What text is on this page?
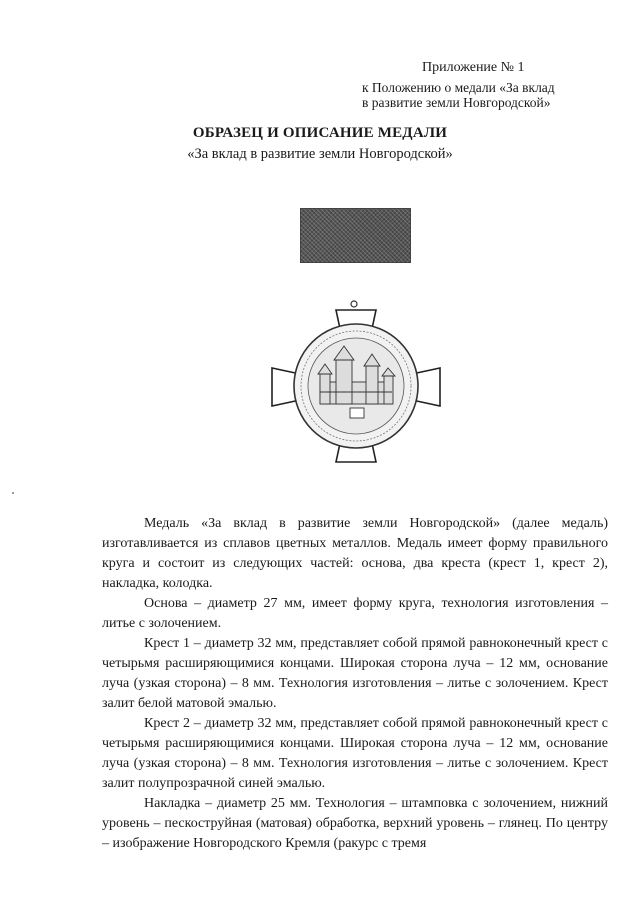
Приложение № 1
к Положению о медали «За вклад
в развитие земли Новгородской»
ОБРАЗЕЦ И ОПИСАНИЕ МЕДАЛИ
«За вклад в развитие земли Новгородской»

Медаль «За вклад в развитие земли Новгородской» (далее медаль) изготавливается из сплавов цветных металлов. Медаль имеет форму правильного круга и состоит из следующих частей: основа, два креста (крест 1, крест 2), накладка, колодка.

Основа – диаметр 27 мм, имеет форму круга, технология изготовления – литье с золочением.

Крест 1 – диаметр 32 мм, представляет собой прямой равноконечный крест с четырьмя расширяющимися концами. Широкая сторона луча – 12 мм, основание луча (узкая сторона) – 8 мм. Технология изготовления – литье с золочением. Крест залит белой матовой эмалью.

Крест 2 – диаметр 32 мм, представляет собой прямой равноконечный крест с четырьмя расширяющимися концами. Широкая сторона луча – 12 мм, основание луча (узкая сторона) – 8 мм. Технология изготовления – литье с золочением. Крест залит полупрозрачной синей эмалью.

Накладка – диаметр 25 мм. Технология – штамповка с золочением, нижний уровень – пескоструйная (матовая) обработка, верхний уровень – глянец. По центру – изображение Новгородского Кремля (ракурс с тремя
